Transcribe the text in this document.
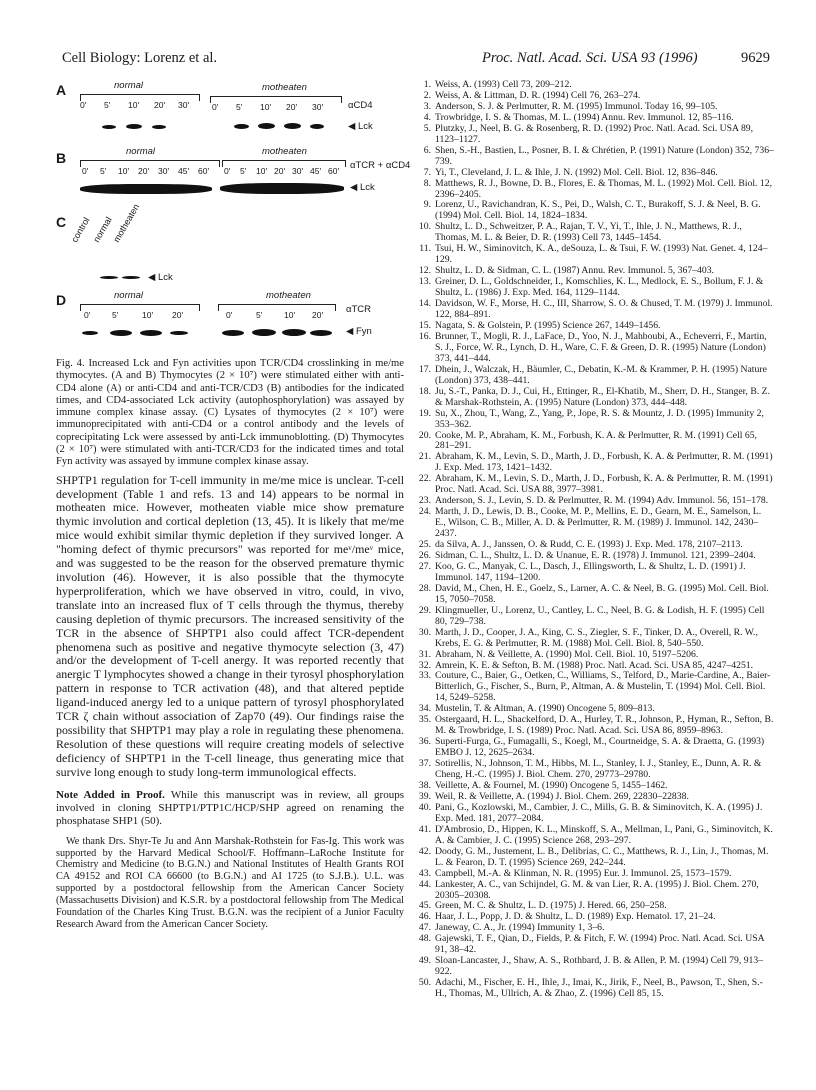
Cell Biology: Lorenz et al.	Proc. Natl. Acad. Sci. USA 93 (1996)	9629
A	normal	motheaten
0' 5' 10' 20' 30'	0' 5' 10' 20' 30'	αCD4
◀ Lck
B	normal	motheaten
0' 5' 10' 20' 30' 45' 60' 0' 5' 10' 20' 30' 45' 60' αTCR + αCD4
◀ Lck
C control normal
motheaten
◀ Lck
D	normal	motheaten
0'	5'	10' 20'	0'	5'	10' 20' αTCR
◀ Fyn
Fig. 4. Increased Lck and Fyn activities upon TCR/CD4 crosslinking in me/me thymocytes. (A and B) Thymocytes (2 × 10⁷) were stimulated either with anti-CD4 alone (A) or anti-CD4 and anti-TCR/CD3 (B) antibodies for the indicated times, and CD4-associated Lck activity (autophosphorylation) was assayed by immune complex kinase assay. (C) Lysates of thymocytes (2 × 10⁷) were immunoprecipitated with anti-CD4 or a control antibody and the levels of coprecipitating Lck were assessed by anti-Lck immunoblotting. (D) Thymocytes (2 × 10⁷) were stimulated with anti-TCR/CD3 for the indicated times and total Fyn activity was assayed by immune complex kinase assay.
SHPTP1 regulation for T-cell immunity in me/me mice is unclear. T-cell development (Table 1 and refs. 13 and 14) appears to be normal in motheaten mice. However, motheaten viable mice show premature thymic involution and cortical depletion (13, 45). It is likely that me/me mice would exhibit similar thymic depletion if they survived longer. A "homing defect of thymic precursors" was reported for meᵛ/meᵛ mice, and was suggested to be the reason for the observed premature thymic involution (46). However, it is also possible that the thymocyte hyperproliferation, which we have observed in vitro, could, in vivo, translate into an increased flux of T cells through the thymus, thereby causing depletion of thymic precursors. The increased sensitivity of the TCR in the absence of SHPTP1 also could affect TCR-dependent phenomena such as positive and negative thymocyte selection (3, 47) and/or the development of T-cell anergy. It was reported recently that anergic T lymphocytes showed a change in their tyrosyl phosphorylation pattern in response to TCR activation (48), and that altered peptide ligand-induced anergy led to a unique pattern of tyrosyl phosphorylated TCR ζ chain without association of Zap70 (49). Our findings raise the possibility that SHPTP1 may play a role in regulating these phenomena. Resolution of these questions will require creating models of selective deficiency of SHPTP1 in the T-cell lineage, thus generating mice that survive long enough to study long-term immunological effects.
Note Added in Proof. While this manuscript was in review, all groups involved in cloning SHPTP1/PTP1C/HCP/SHP agreed on renaming the phosphatase SHP1 (50).
We thank Drs. Shyr-Te Ju and Ann Marshak-Rothstein for Fas-Ig. This work was supported by the Harvard Medical School/F. Hoffmann–LaRoche Institute for Chemistry and Medicine (to B.G.N.) and National Institutes of Health Grants ROI CA 49152 and ROI CA 66600 (to B.G.N.) and AI 1725 (to S.J.B.). U.L. was supported by a postdoctoral fellowship from the American Cancer Society (Massachusetts Division) and K.S.R. by a postdoctoral fellowship from The Medical Foundation of the Charles King Trust. B.G.N. was the recipient of a Junior Faculty Research Award from the American Cancer Society.
1. Weiss, A. (1993) Cell 73, 209–212.
2. Weiss, A. & Littman, D. R. (1994) Cell 76, 263–274.
3. Anderson, S. J. & Perlmutter, R. M. (1995) Immunol. Today 16, 99–105.
4. Trowbridge, I. S. & Thomas, M. L. (1994) Annu. Rev. Immunol. 12, 85–116.
5. Plutzky, J., Neel, B. G. & Rosenberg, R. D. (1992) Proc. Natl. Acad. Sci. USA 89, 1123–1127.
6. Shen, S.-H., Bastien, L., Posner, B. I. & Chrétien, P. (1991) Nature (London) 352, 736–739.
7. Yi, T., Cleveland, J. L. & Ihle, J. N. (1992) Mol. Cell. Biol. 12, 836–846.
8. Matthews, R. J., Bowne, D. B., Flores, E. & Thomas, M. L. (1992) Mol. Cell. Biol. 12, 2396–2405.
9. Lorenz, U., Ravichandran, K. S., Pei, D., Walsh, C. T., Burakoff, S. J. & Neel, B. G. (1994) Mol. Cell. Biol. 14, 1824–1834.
10. Shultz, L. D., Schweitzer, P. A., Rajan, T. V., Yi, T., Ihle, J. N., Matthews, R. J., Thomas, M. L. & Beier, D. R. (1993) Cell 73, 1445–1454.
11. Tsui, H. W., Siminovitch, K. A., deSouza, L. & Tsui, F. W. (1993) Nat. Genet. 4, 124–129.
12. Shultz, L. D. & Sidman, C. L. (1987) Annu. Rev. Immunol. 5, 367–403.
13. Greiner, D. L., Goldschneider, I., Komschlies, K. L., Medlock, E. S., Bollum, F. J. & Shultz, L. (1986) J. Exp. Med. 164, 1129–1144.
14. Davidson, W. F., Morse, H. C., III, Sharrow, S. O. & Chused, T. M. (1979) J. Immunol. 122, 884–891.
15. Nagata, S. & Golstein, P. (1995) Science 267, 1449–1456.
16. Brunner, T., Mogli, R. J., LaFace, D., Yoo, N. J., Mahboubi, A., Echeverri, F., Martin, S. J., Force, W. R., Lynch, D. H., Ware, C. F. & Green, D. R. (1995) Nature (London) 373, 441–444.
17. Dhein, J., Walczak, H., Bäumler, C., Debatin, K.-M. & Krammer, P. H. (1995) Nature (London) 373, 438–441.
18. Ju, S.-T., Panka, D. J., Cui, H., Ettinger, R., El-Khatib, M., Sherr, D. H., Stanger, B. Z. & Marshak-Rothstein, A. (1995) Nature (London) 373, 444–448.
19. Su, X., Zhou, T., Wang, Z., Yang, P., Jope, R. S. & Mountz, J. D. (1995) Immunity 2, 353–362.
20. Cooke, M. P., Abraham, K. M., Forbush, K. A. & Perlmutter, R. M. (1991) Cell 65, 281–291.
21. Abraham, K. M., Levin, S. D., Marth, J. D., Forbush, K. A. & Perlmutter, R. M. (1991) J. Exp. Med. 173, 1421–1432.
22. Abraham, K. M., Levin, S. D., Marth, J. D., Forbush, K. A. & Perlmutter, R. M. (1991) Proc. Natl. Acad. Sci. USA 88, 3977–3981.
23. Anderson, S. J., Levin, S. D. & Perlmutter, R. M. (1994) Adv. Immunol. 56, 151–178.
24. Marth, J. D., Lewis, D. B., Cooke, M. P., Mellins, E. D., Gearn, M. E., Samelson, L. E., Wilson, C. B., Miller, A. D. & Perlmutter, R. M. (1989) J. Immunol. 142, 2430–2437.
25. da Silva, A. J., Janssen, O. & Rudd, C. E. (1993) J. Exp. Med. 178, 2107–2113.
26. Sidman, C. L., Shultz, L. D. & Unanue, E. R. (1978) J. Immunol. 121, 2399–2404.
27. Koo, G. C., Manyak, C. L., Dasch, J., Ellingsworth, L. & Shultz, L. D. (1991) J. Immunol. 147, 1194–1200.
28. David, M., Chen, H. E., Goelz, S., Larner, A. C. & Neel, B. G. (1995) Mol. Cell. Biol. 15, 7050–7058.
29. Klingmueller, U., Lorenz, U., Cantley, L. C., Neel, B. G. & Lodish, H. F. (1995) Cell 80, 729–738.
30. Marth, J. D., Cooper, J. A., King, C. S., Ziegler, S. F., Tinker, D. A., Overell, R. W., Krebs, E. G. & Perlmutter, R. M. (1988) Mol. Cell. Biol. 8, 540–550.
31. Abraham, N. & Veillette, A. (1990) Mol. Cell. Biol. 10, 5197–5206.
32. Amrein, K. E. & Sefton, B. M. (1988) Proc. Natl. Acad. Sci. USA 85, 4247–4251.
33. Couture, C., Baier, G., Oetken, C., Williams, S., Telford, D., Marie-Cardine, A., Baier-Bitterlich, G., Fischer, S., Burn, P., Altman, A. & Mustelin, T. (1994) Mol. Cell. Biol. 14, 5249–5258.
34. Mustelin, T. & Altman, A. (1990) Oncogene 5, 809–813.
35. Ostergaard, H. L., Shackelford, D. A., Hurley, T. R., Johnson, P., Hyman, R., Sefton, B. M. & Trowbridge, I. S. (1989) Proc. Natl. Acad. Sci. USA 86, 8959–8963.
36. Superti-Furga, G., Fumagalli, S., Koegl, M., Courtneidge, S. A. & Draetta, G. (1993) EMBO J. 12, 2625–2634.
37. Sotirellis, N., Johnson, T. M., Hibbs, M. L., Stanley, I. J., Stanley, E., Dunn, A. R. & Cheng, H.-C. (1995) J. Biol. Chem. 270, 29773–29780.
38. Veillette, A. & Fournel, M. (1990) Oncogene 5, 1455–1462.
39. Weil, R. & Veillette, A. (1994) J. Biol. Chem. 269, 22830–22838.
40. Pani, G., Kozlowski, M., Cambier, J. C., Mills, G. B. & Siminovitch, K. A. (1995) J. Exp. Med. 181, 2077–2084.
41. D'Ambrosio, D., Hippen, K. L., Minskoff, S. A., Mellman, I., Pani, G., Siminovitch, K. A. & Cambier, J. C. (1995) Science 268, 293–297.
42. Doody, G. M., Justement, L. B., Delibrias, C. C., Matthews, R. J., Lin, J., Thomas, M. L. & Fearon, D. T. (1995) Science 269, 242–244.
43. Campbell, M.-A. & Klinman, N. R. (1995) Eur. J. Immunol. 25, 1573–1579.
44. Lankester, A. C., van Schijndel, G. M. & van Lier, R. A. (1995) J. Biol. Chem. 270, 20305–20308.
45. Green, M. C. & Shultz, L. D. (1975) J. Hered. 66, 250–258.
46. Haar, J. L., Popp, J. D. & Shultz, L. D. (1989) Exp. Hematol. 17, 21–24.
47. Janeway, C. A., Jr. (1994) Immunity 1, 3–6.
48. Gajewski, T. F., Qian, D., Fields, P. & Fitch, F. W. (1994) Proc. Natl. Acad. Sci. USA 91, 38–42.
49. Sloan-Lancaster, J., Shaw, A. S., Rothbard, J. B. & Allen, P. M. (1994) Cell 79, 913–922.
50. Adachi, M., Fischer, E. H., Ihle, J., Imai, K., Jirik, F., Neel, B., Pawson, T., Shen, S.-H., Thomas, M., Ullrich, A. & Zhao, Z. (1996) Cell 85, 15.
